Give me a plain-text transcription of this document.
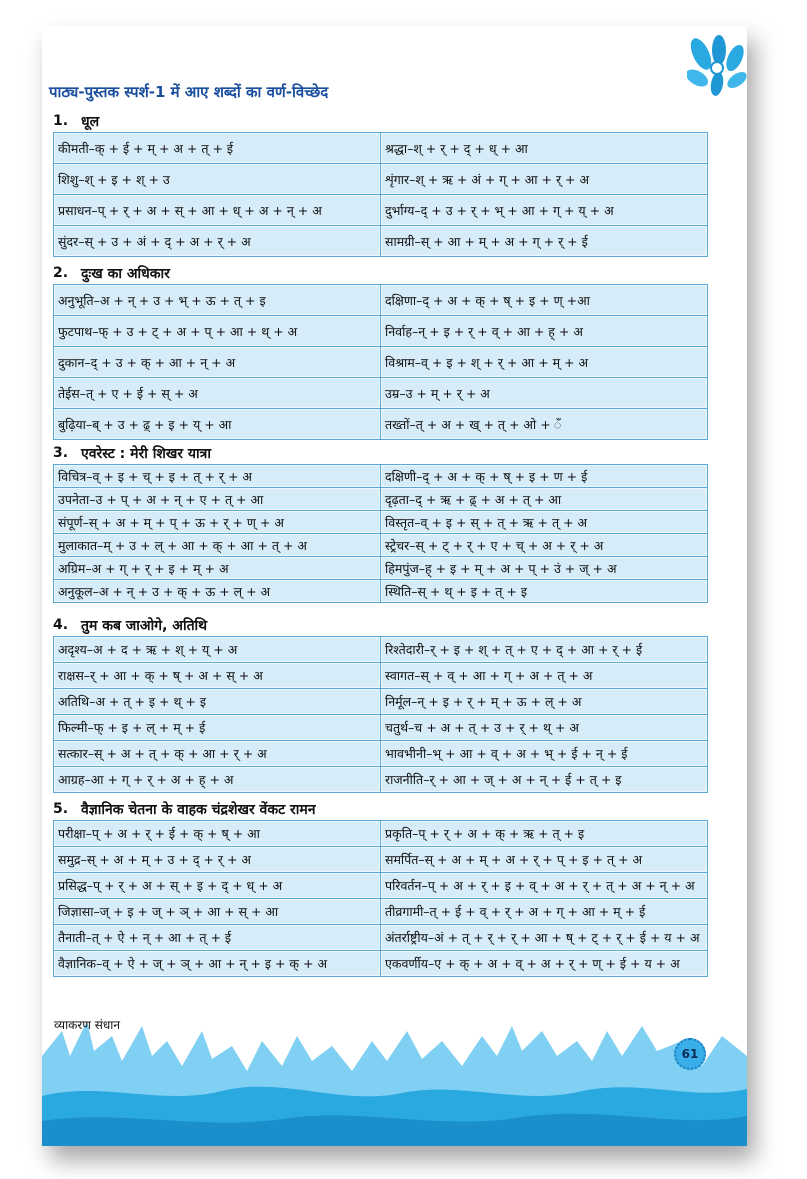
पाठ्य-पुस्तक स्पर्श-1 में आए शब्दों का वर्ण-विच्छेद
1. धूल
कीमती–क् + ई + म् + अ + त् + ई	श्रद्धा–श् + र् + द् + ध् + आ
शिशु–श् + इ + श् + उ	शृंगार–श् + ऋ + अं + ग् + आ + र् + अ
प्रसाधन–प् + र् + अ + स् + आ + ध् + अ + न् + अ	दुर्भाग्य–द् + उ + र् + भ् + आ + ग् + य् + अ
सुंदर–स् + उ + अं + द् + अ + र् + अ	सामग्री–स् + आ + म् + अ + ग् + र् + ई
2. दुःख का अधिकार
अनुभूति–अ + न् + उ + भ् + ऊ + त् + इ	दक्षिणा–द् + अ + क् + ष् + इ + ण् +आ
फुटपाथ–फ् + उ + ट् + अ + प् + आ + थ् + अ	निर्वाह–न् + इ + र् + व् + आ + ह् + अ
दुकान–द् + उ + क् + आ + न् + अ	विश्राम–व् + इ + श् + र् + आ + म् + अ
तेईस–त् + ए + ई + स् + अ	उम्र–उ + म् + र् + अ
बुढ़िया–ब् + उ + ढ़् + इ + य् + आ	तख्तों–त् + अ + ख् + त् + ओ + ँ
3. एवरेस्ट : मेरी शिखर यात्रा
विचित्र–व् + इ + च् + इ + त् + र् + अ	दक्षिणी–द् + अ + क् + ष् + इ + ण + ई
उपनेता–उ + प् + अ + न् + ए + त् + आ	दृढ़ता–द् + ऋ + ढ़् + अ + त् + आ
संपूर्ण–स् + अ + म् + प् + ऊ + र् + ण् + अ	विस्तृत–व् + इ + स् + त् + ऋ + त् + अ
मुलाकात–म् + उ + ल् + आ + क् + आ + त् + अ	स्ट्रेचर–स् + ट् + र् + ए + च् + अ + र् + अ
अग्रिम–अ + ग् + र् + इ + म् + अ	हिमपुंज–ह् + इ + म् + अ + प् + उं + ज् + अ
अनुकूल–अ + न् + उ + क् + ऊ + ल् + अ	स्थिति–स् + थ् + इ + त् + इ
4. तुम कब जाओगे, अतिथि
अदृश्य–अ + द + ऋ + श् + य् + अ	रिश्तेदारी–र् + इ + श् + त् + ए + द् + आ + र् + ई
राक्षस–र् + आ + क् + ष् + अ + स् + अ	स्वागत–स् + व् + आ + ग् + अ + त् + अ
अतिथि–अ + त् + इ + थ् + इ	निर्मूल–न् + इ + र् + म् + ऊ + ल् + अ
फिल्मी–फ् + इ + ल् + म् + ई	चतुर्थ–च + अ + त् + उ + र् + थ् + अ
सत्कार–स् + अ + त् + क् + आ + र् + अ	भावभीनी–भ् + आ + व् + अ + भ् + ई + न् + ई
आग्रह–आ + ग् + र् + अ + ह् + अ	राजनीति–र् + आ + ज् + अ + न् + ई + त् + इ
5. वैज्ञानिक चेतना के वाहक चंद्रशेखर वेंकट रामन
परीक्षा–प् + अ + र् + ई + क् + ष् + आ	प्रकृति–प् + र् + अ + क् + ऋ + त् + इ
समुद्र–स् + अ + म् + उ + द् + र् + अ	समर्पित–स् + अ + म् + अ + र् + प् + इ + त् + अ
प्रसिद्ध–प् + र् + अ + स् + इ + द् + ध् + अ	परिवर्तन–प् + अ + र् + इ + व् + अ + र् + त् + अ + न् + अ
जिज्ञासा–ज् + इ + ज् + ञ् + आ + स् + आ	तीव्रगामी–त् + ई + व् + र् + अ + ग् + आ + म् + ई
तैनाती–त् + ऐ + न् + आ + त् + ई	अंतर्राष्ट्रीय–अं + त् + र् + र् + आ + ष् + ट् + र् + ई + य + अ
वैज्ञानिक–व् + ऐ + ज् + ञ् + आ + न् + इ + क् + अ	एकवर्णीय–ए + क् + अ + व् + अ + र् + ण् + ई + य + अ
व्याकरण संधान
61
